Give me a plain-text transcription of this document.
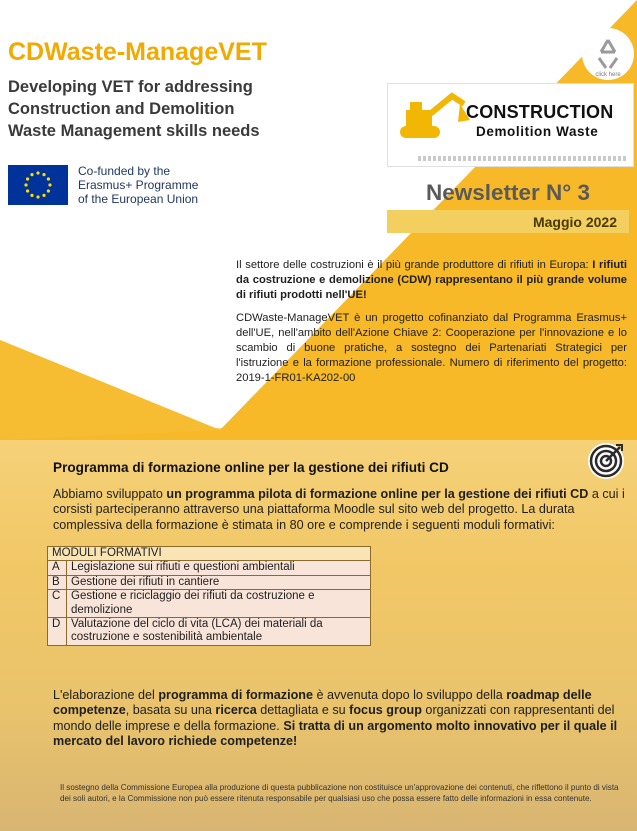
CDWaste-ManageVET
Developing VET for addressing
Construction and Demolition
Waste Management skills needs
Co-funded by the
Erasmus+ Programme
of the European Union
click here
CONSTRUCTION
Demolition Waste
Newsletter N° 3
Maggio 2022

Il settore delle costruzioni è il più grande produttore di rifiuti in Europa: I rifiuti da costruzione e demolizione (CDW) rappresentano il più grande volume di rifiuti prodotti nell'UE!

CDWaste-ManageVET è un progetto cofinanziato dal Programma Erasmus+ dell'UE, nell'ambito dell'Azione Chiave 2: Cooperazione per l'innovazione e lo scambio di buone pratiche, a sostegno dei Partenariati Strategici per l'istruzione e la formazione professionale. Numero di riferimento del progetto: 2019-1-FR01-KA202-00

Programma di formazione online per la gestione dei rifiuti CD
Abbiamo sviluppato un programma pilota di formazione online per la gestione dei rifiuti CD a cui i corsisti parteciperanno attraverso una piattaforma Moodle sul sito web del progetto. La durata complessiva della formazione è stimata in 80 ore e comprende i seguenti moduli formativi:
MODULI FORMATIVI	
A	Legislazione sui rifiuti e questioni ambientali
B	Gestione dei rifiuti in cantiere
C	Gestione e riciclaggio dei rifiuti da costruzione e demolizione
D	Valutazione del ciclo di vita (LCA) dei materiali da costruzione e sostenibilità ambientale
L'elaborazione del programma di formazione è avvenuta dopo lo sviluppo della roadmap delle competenze, basata su una ricerca dettagliata e su focus group organizzati con rappresentanti del mondo delle imprese e della formazione. Si tratta di un argomento molto innovativo per il quale il mercato del lavoro richiede competenze!
Il sostegno della Commissione Europea alla produzione di questa pubblicazione non costituisce un'approvazione dei contenuti, che riflettono il punto di vista dei soli autori, e la Commissione non può essere ritenuta responsabile per qualsiasi uso che possa essere fatto delle informazioni in essa contenute.
